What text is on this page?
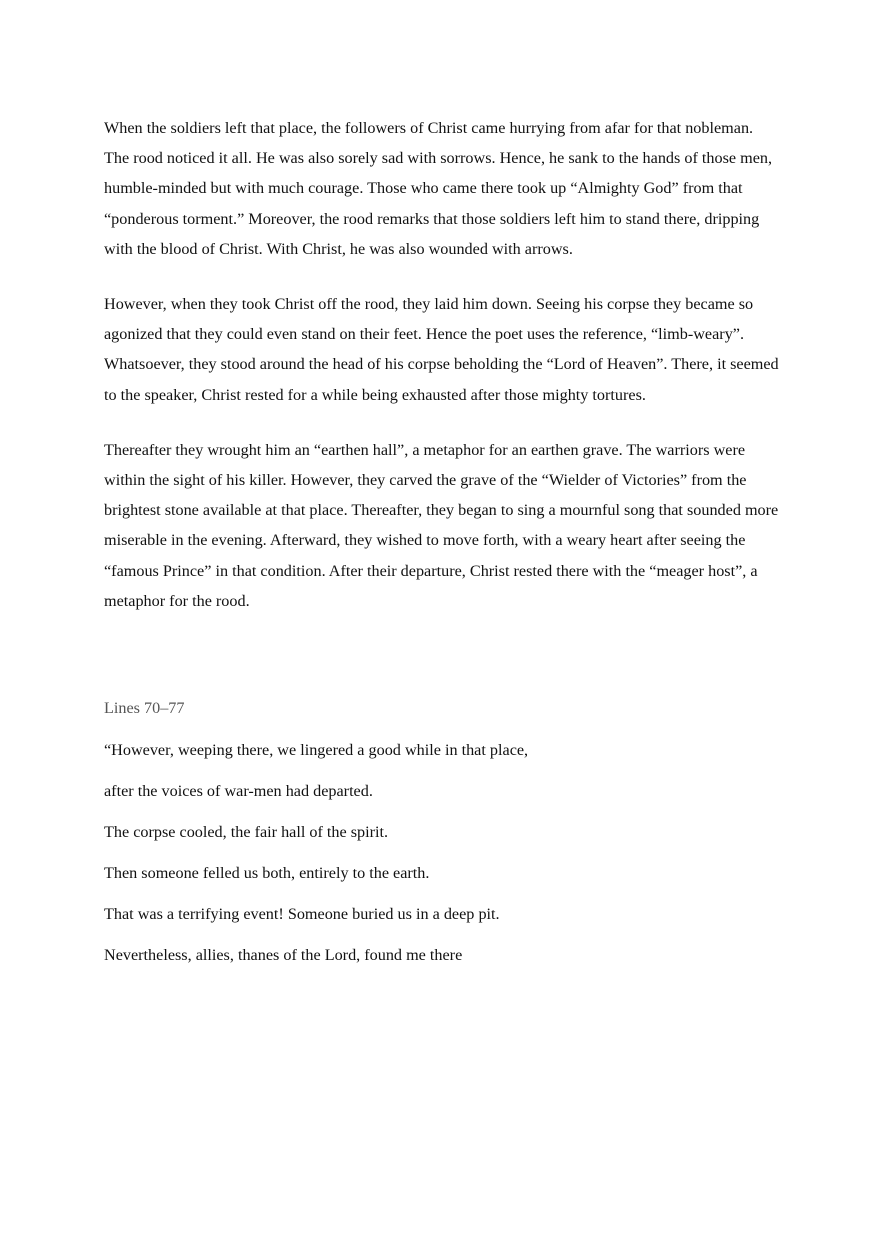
When the soldiers left that place, the followers of Christ came hurrying from afar for that nobleman. The rood noticed it all. He was also sorely sad with sorrows. Hence, he sank to the hands of those men, humble-minded but with much courage. Those who came there took up “Almighty God” from that “ponderous torment.” Moreover, the rood remarks that those soldiers left him to stand there, dripping with the blood of Christ. With Christ, he was also wounded with arrows.

However, when they took Christ off the rood, they laid him down. Seeing his corpse they became so agonized that they could even stand on their feet. Hence the poet uses the reference, “limb-weary”. Whatsoever, they stood around the head of his corpse beholding the “Lord of Heaven”. There, it seemed to the speaker, Christ rested for a while being exhausted after those mighty tortures.

Thereafter they wrought him an “earthen hall”, a metaphor for an earthen grave. The warriors were within the sight of his killer. However, they carved the grave of the “Wielder of Victories” from the brightest stone available at that place. Thereafter, they began to sing a mournful song that sounded more miserable in the evening. Afterward, they wished to move forth, with a weary heart after seeing the “famous Prince” in that condition. After their departure, Christ rested there with the “meager host”, a metaphor for the rood.

Lines 70–77

“However, weeping there, we lingered a good while in that place,

after the voices of war-men had departed.

The corpse cooled, the fair hall of the spirit.

Then someone felled us both, entirely to the earth.

That was a terrifying event! Someone buried us in a deep pit.

Nevertheless, allies, thanes of the Lord, found me there
